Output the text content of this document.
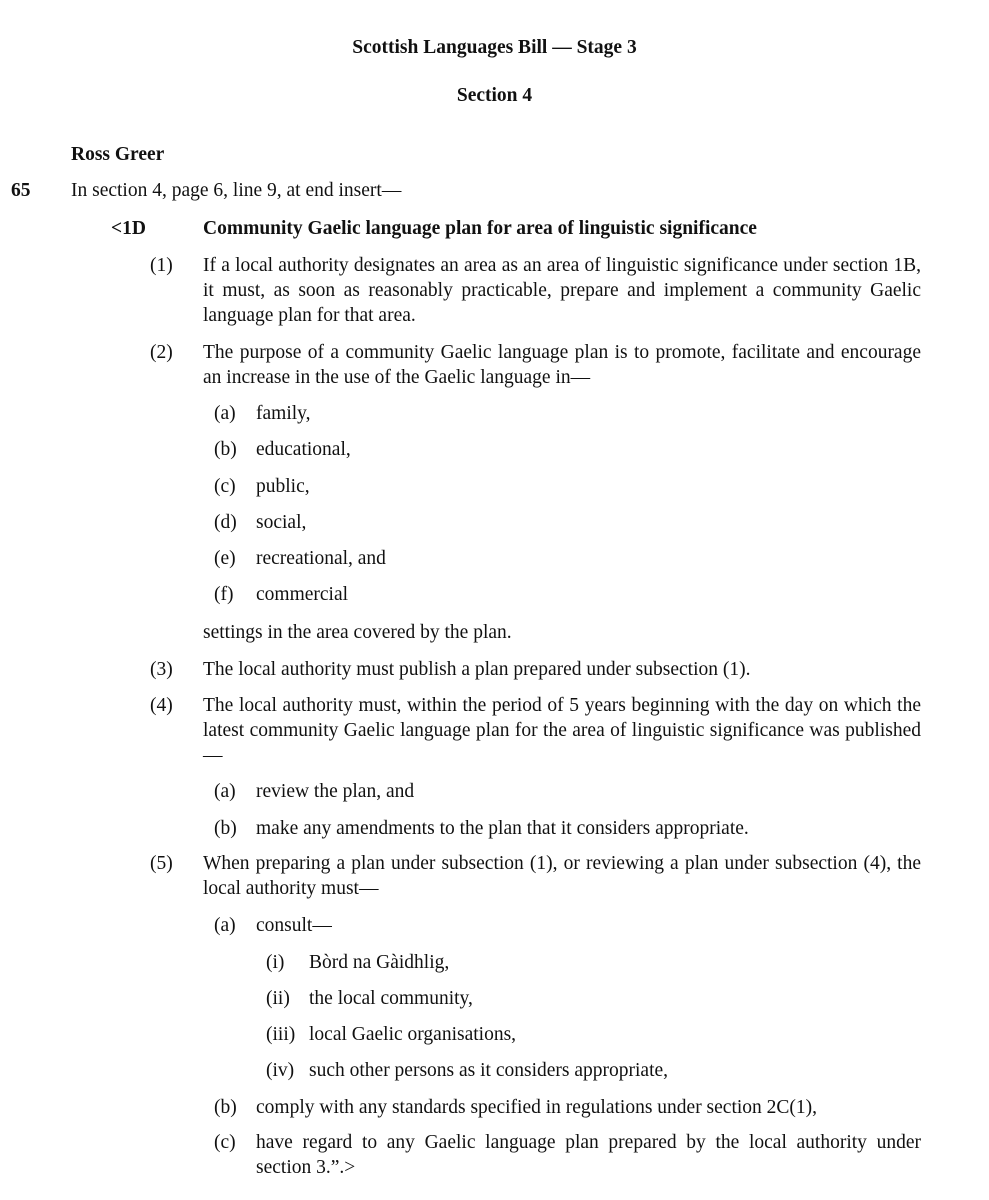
Scottish Languages Bill — Stage 3
Section 4
Ross Greer
65 In section 4, page 6, line 9, at end insert—
<1D	Community Gaelic language plan for area of linguistic significance
(1) If a local authority designates an area as an area of linguistic significance under section 1B, it must, as soon as reasonably practicable, prepare and implement a community Gaelic language plan for that area.
(2) The purpose of a community Gaelic language plan is to promote, facilitate and encourage an increase in the use of the Gaelic language in—
(a) family,
(b) educational,
(c) public,
(d) social,
(e) recreational, and
(f) commercial
settings in the area covered by the plan.
(3) The local authority must publish a plan prepared under subsection (1).
(4) The local authority must, within the period of 5 years beginning with the day on which the latest community Gaelic language plan for the area of linguistic significance was published—
(a) review the plan, and
(b) make any amendments to the plan that it considers appropriate.
(5) When preparing a plan under subsection (1), or reviewing a plan under subsection (4), the local authority must—
(a) consult—
(i) Bòrd na Gàidhlig,
(ii) the local community,
(iii) local Gaelic organisations,
(iv) such other persons as it considers appropriate,
(b) comply with any standards specified in regulations under section 2C(1),
(c) have regard to any Gaelic language plan prepared by the local authority under section 3.”.>
